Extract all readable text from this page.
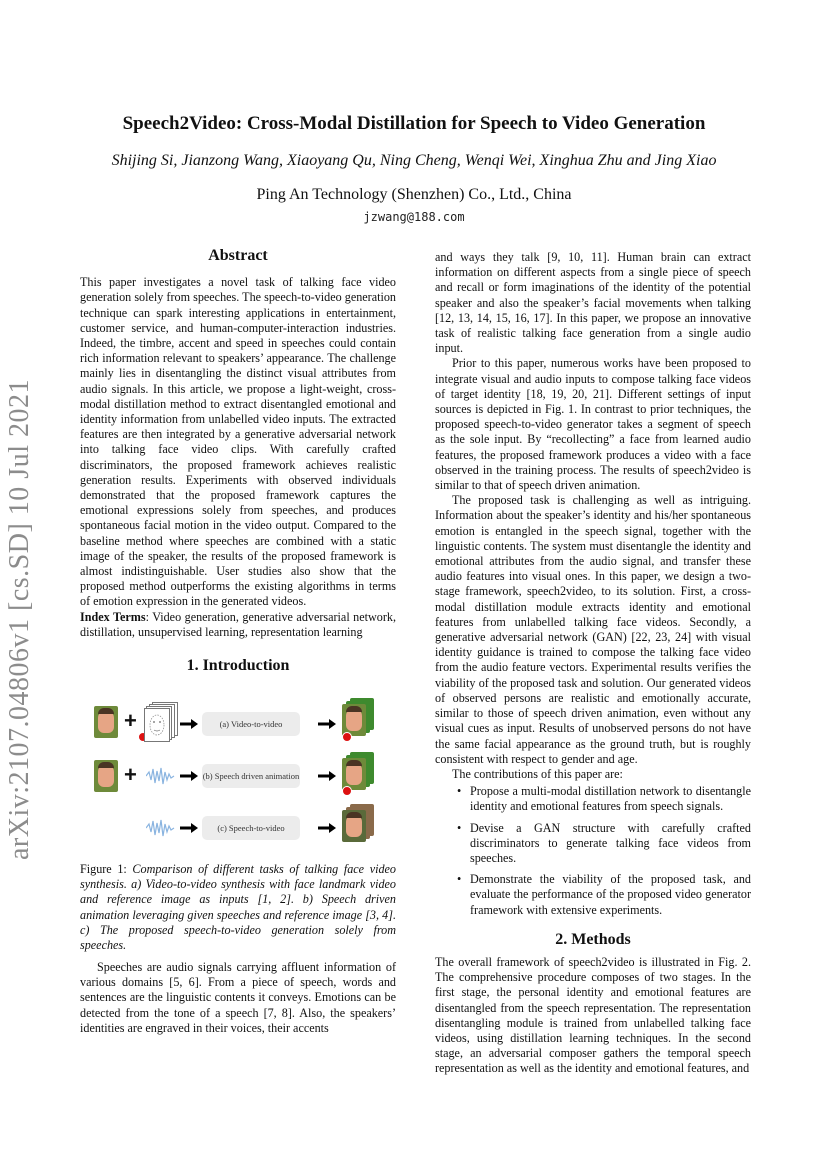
arXiv:2107.04806v1 [cs.SD] 10 Jul 2021
Speech2Video: Cross-Modal Distillation for Speech to Video Generation
Shijing Si, Jianzong Wang, Xiaoyang Qu, Ning Cheng, Wenqi Wei, Xinghua Zhu and Jing Xiao
Ping An Technology (Shenzhen) Co., Ltd., China
jzwang@188.com
Abstract

This paper investigates a novel task of talking face video generation solely from speeches. The speech-to-video generation technique can spark interesting applications in entertainment, customer service, and human-computer-interaction industries. Indeed, the timbre, accent and speed in speeches could contain rich information relevant to speakers’ appearance. The challenge mainly lies in disentangling the distinct visual attributes from audio signals. In this article, we propose a light-weight, cross-modal distillation method to extract disentangled emotional and identity information from unlabelled video inputs. The extracted features are then integrated by a generative adversarial network into talking face video clips. With carefully crafted discriminators, the proposed framework achieves realistic generation results. Experiments with observed individuals demonstrated that the proposed framework captures the emotional expressions solely from speeches, and produces spontaneous facial motion in the video output. Compared to the baseline method where speeches are combined with a static image of the speaker, the results of the proposed framework is almost indistinguishable. User studies also show that the proposed method outperforms the existing algorithms in terms of emotion expression in the generated videos.

Index Terms: Video generation, generative adversarial network, distillation, unsupervised learning, representation learning

1. Introduction
+	(a) Video-to-video
+	(b) Speech driven animation
(c) Speech-to-video
Figure 1: Comparison of different tasks of talking face video synthesis. a) Video-to-video synthesis with face landmark video and reference image as inputs [1, 2]. b) Speech driven animation leveraging given speeches and reference image [3, 4]. c) The proposed speech-to-video generation solely from speeches.

Speeches are audio signals carrying affluent information of various domains [5, 6]. From a piece of speech, words and sentences are the linguistic contents it conveys. Emotions can be detected from the tone of a speech [7, 8]. Also, the speakers’ identities are engraved in their voices, their accents

and ways they talk [9, 10, 11]. Human brain can extract information on different aspects from a single piece of speech and recall or form imaginations of the identity of the potential speaker and also the speaker’s facial movements when talking [12, 13, 14, 15, 16, 17]. In this paper, we propose an innovative task of realistic talking face generation from a single audio input.

Prior to this paper, numerous works have been proposed to integrate visual and audio inputs to compose talking face videos of target identity [18, 19, 20, 21]. Different settings of input sources is depicted in Fig. 1. In contrast to prior techniques, the proposed speech-to-video generator takes a segment of speech as the sole input. By “recollecting” a face from learned audio features, the proposed framework produces a video with a face observed in the training process. The results of speech2video is similar to that of speech driven animation.

The proposed task is challenging as well as intriguing. Information about the speaker’s identity and his/her spontaneous emotion is entangled in the speech signal, together with the linguistic contents. The system must disentangle the identity and emotional attributes from the audio signal, and transfer these audio features into visual ones. In this paper, we design a two-stage framework, speech2video, to its solution. First, a cross-modal distillation module extracts identity and emotional features from unlabelled talking face videos. Secondly, a generative adversarial network (GAN) [22, 23, 24] with visual identity guidance is trained to compose the talking face video from the audio feature vectors. Experimental results verifies the viability of the proposed task and solution. Our generated videos of observed persons are realistic and emotionally accurate, similar to those of speech driven animation, even without any visual cues as input. Results of unobserved persons do not have the same facial appearance as the ground truth, but is roughly consistent with respect to gender and age.

The contributions of this paper are:

• Propose a multi-modal distillation network to disentangle identity and emotional features from speech signals.
• Devise a GAN structure with carefully crafted discriminators to generate talking face videos from speeches.
• Demonstrate the viability of the proposed task, and evaluate the performance of the proposed video generator framework with extensive experiments.
2. Methods

The overall framework of speech2video is illustrated in Fig. 2. The comprehensive procedure composes of two stages. In the first stage, the personal identity and emotional features are disentangled from the speech representation. The representation disentangling module is trained from unlabelled talking face videos, using distillation learning techniques. In the second stage, an adversarial composer gathers the temporal speech representation as well as the identity and emotional features, and
